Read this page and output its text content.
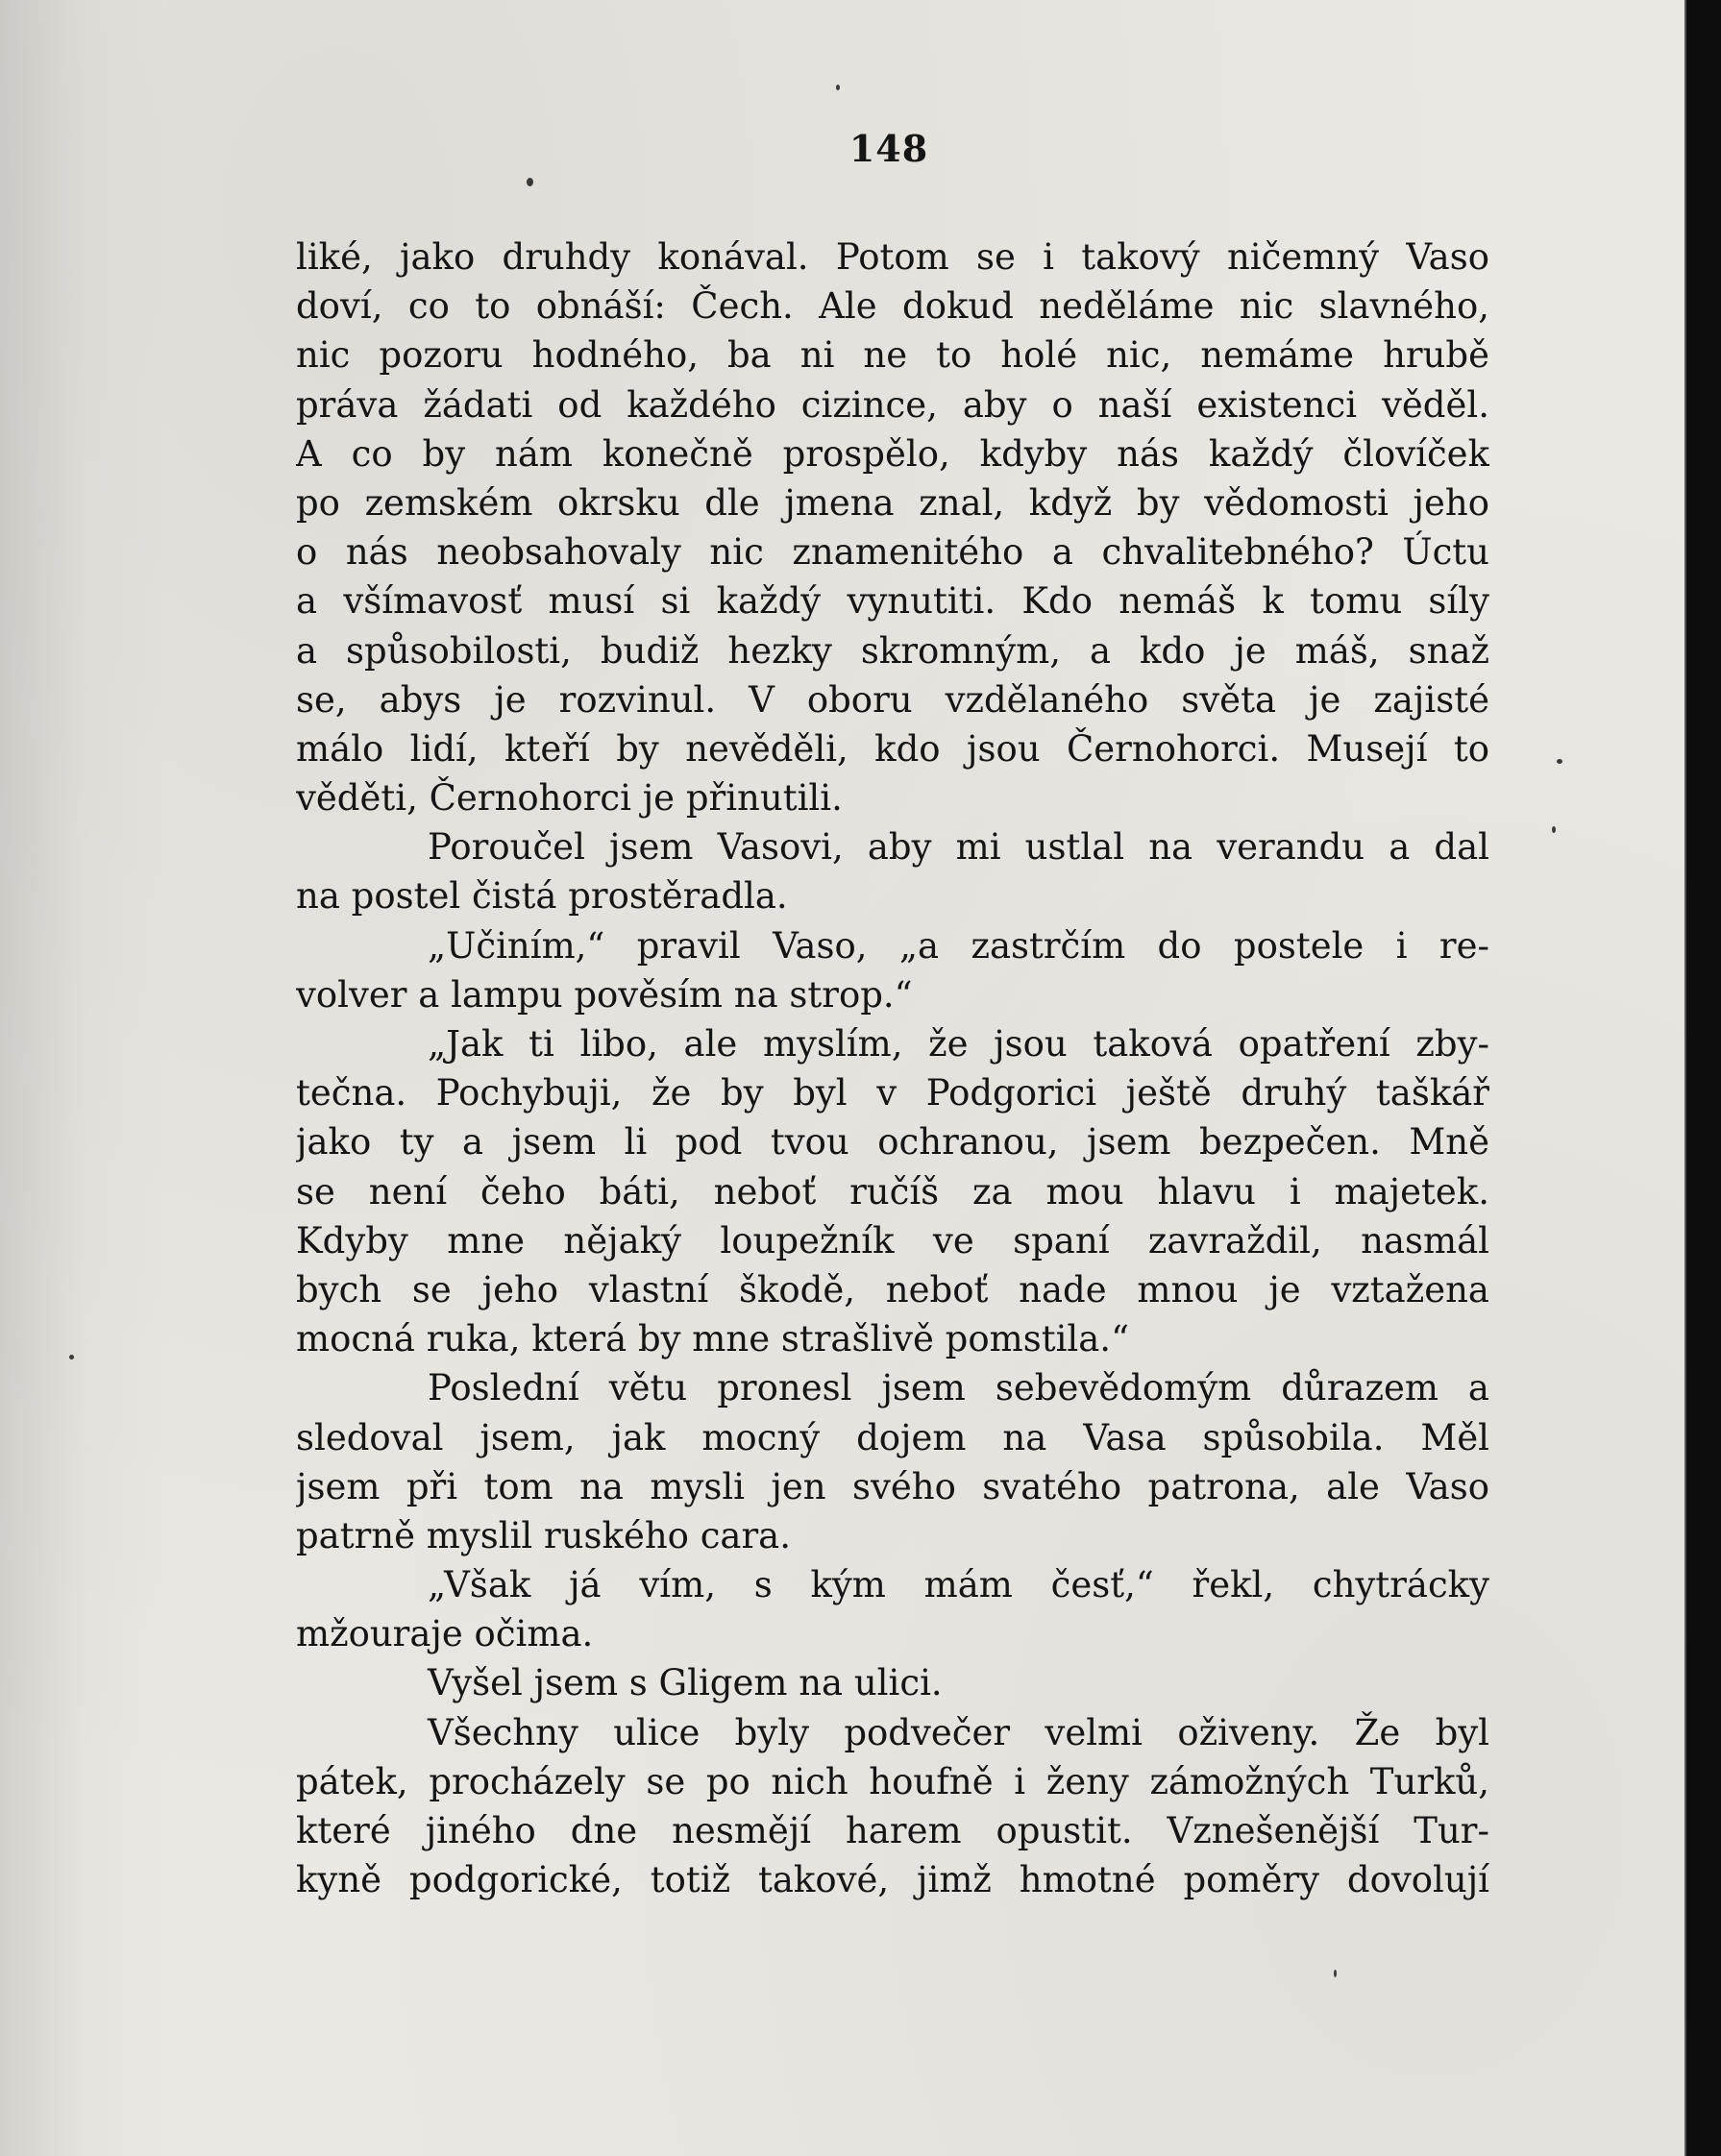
148
liké, jako druhdy konával. Potom se i takový ničemný Vaso
doví, co to obnáší: Čech. Ale dokud neděláme nic slavného,
nic pozoru hodného, ba ni ne to holé nic, nemáme hrubě
práva žádati od každého cizince, aby o naší existenci věděl.
A co by nám konečně prospělo, kdyby nás každý človíček
po zemském okrsku dle jmena znal, když by vědomosti jeho
o nás neobsahovaly nic znamenitého a chvalitebného? Úctu
a všímavosť musí si každý vynutiti. Kdo nemáš k tomu síly
a spůsobilosti, budiž hezky skromným, a kdo je máš, snaž
se, abys je rozvinul. V oboru vzdělaného světa je zajisté
málo lidí, kteří by nevěděli, kdo jsou Černohorci. Musejí to
věděti, Černohorci je přinutili.
Poroučel jsem Vasovi, aby mi ustlal na verandu a dal
na postel čistá prostěradla.
„Učiním,“ pravil Vaso, „a zastrčím do postele i re-
volver a lampu pověsím na strop.“
„Jak ti libo, ale myslím, že jsou taková opatření zby-
tečna. Pochybuji, že by byl v Podgorici ještě druhý taškář
jako ty a jsem li pod tvou ochranou, jsem bezpečen. Mně
se není čeho báti, neboť ručíš za mou hlavu i majetek.
Kdyby mne nějaký loupežník ve spaní zavraždil, nasmál
bych se jeho vlastní škodě, neboť nade mnou je vztažena
mocná ruka, která by mne strašlivě pomstila.“
Poslední větu pronesl jsem sebevědomým důrazem a
sledoval jsem, jak mocný dojem na Vasa spůsobila. Měl
jsem při tom na mysli jen svého svatého patrona, ale Vaso
patrně myslil ruského cara.
„Však já vím, s kým mám česť,“ řekl, chytrácky
mžouraje očima.
Vyšel jsem s Gligem na ulici.
Všechny ulice byly podvečer velmi oživeny. Že byl
pátek, procházely se po nich houfně i ženy zámožných Turků,
které jiného dne nesmějí harem opustit. Vznešenější Tur-
kyně podgorické, totiž takové, jimž hmotné poměry dovolují
